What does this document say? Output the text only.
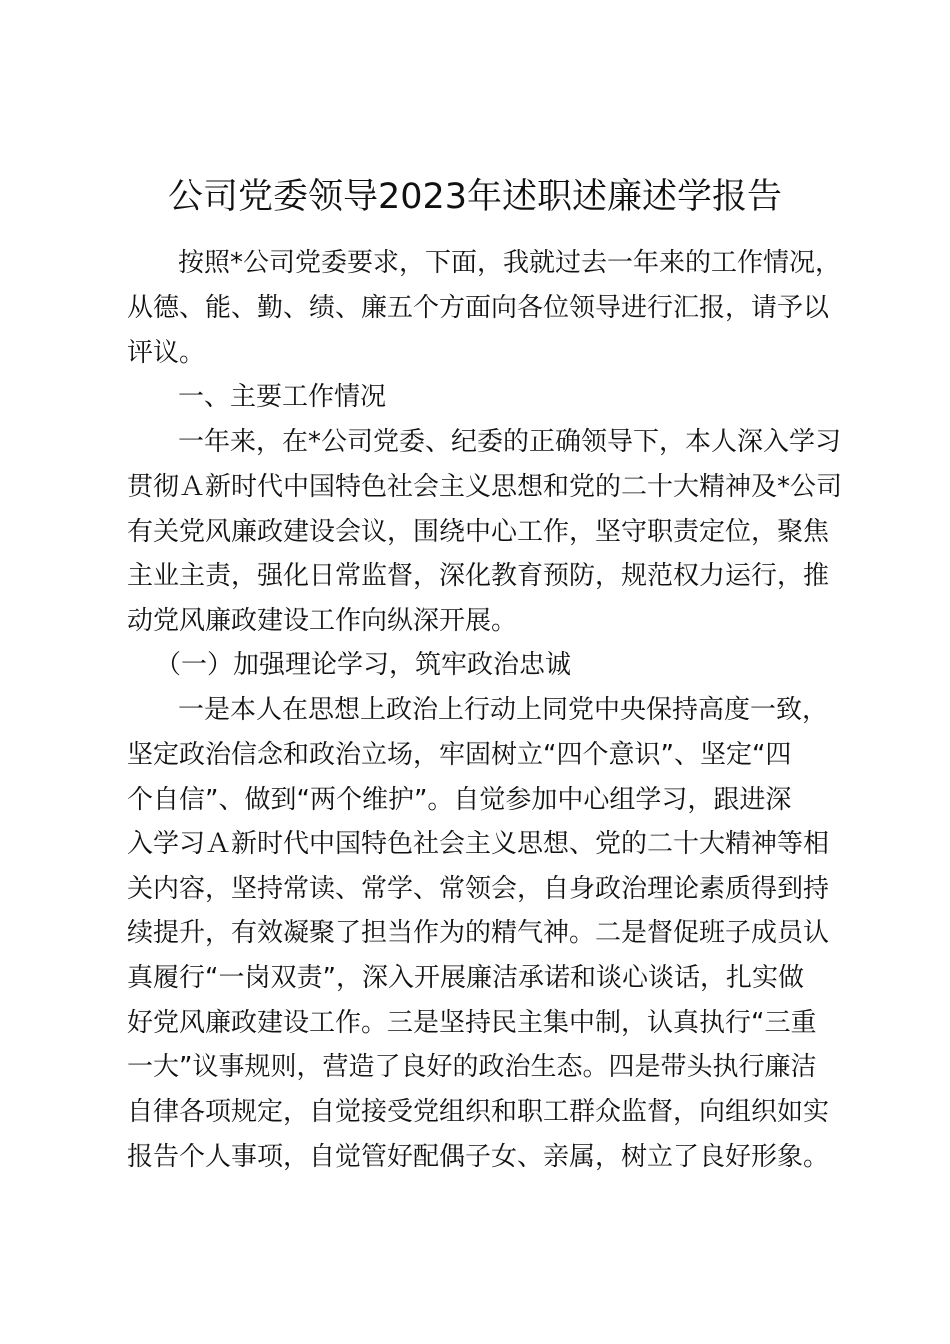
公司党委领导2023年述职述廉述学报告
按照*公司党委要求，下面，我就过去一年来的工作情况，
从德、能、勤、绩、廉五个方面向各位领导进行汇报，请予以
评议。
一、主要工作情况
一年来，在*公司党委、纪委的正确领导下，本人深入学习
贯彻Ａ新时代中国特色社会主义思想和党的二十大精神及*公司
有关党风廉政建设会议，围绕中心工作，坚守职责定位，聚焦
主业主责，强化日常监督，深化教育预防，规范权力运行，推
动党风廉政建设工作向纵深开展。
（一）加强理论学习，筑牢政治忠诚
一是本人在思想上政治上行动上同党中央保持高度一致，
坚定政治信念和政治立场，牢固树立“四个意识”、坚定“四
个自信”、做到“两个维护”。自觉参加中心组学习，跟进深
入学习Ａ新时代中国特色社会主义思想、党的二十大精神等相
关内容，坚持常读、常学、常领会，自身政治理论素质得到持
续提升，有效凝聚了担当作为的精气神。二是督促班子成员认
真履行“一岗双责”，深入开展廉洁承诺和谈心谈话，扎实做
好党风廉政建设工作。三是坚持民主集中制，认真执行“三重
一大”议事规则，营造了良好的政治生态。四是带头执行廉洁
自律各项规定，自觉接受党组织和职工群众监督，向组织如实
报告个人事项，自觉管好配偶子女、亲属，树立了良好形象。
